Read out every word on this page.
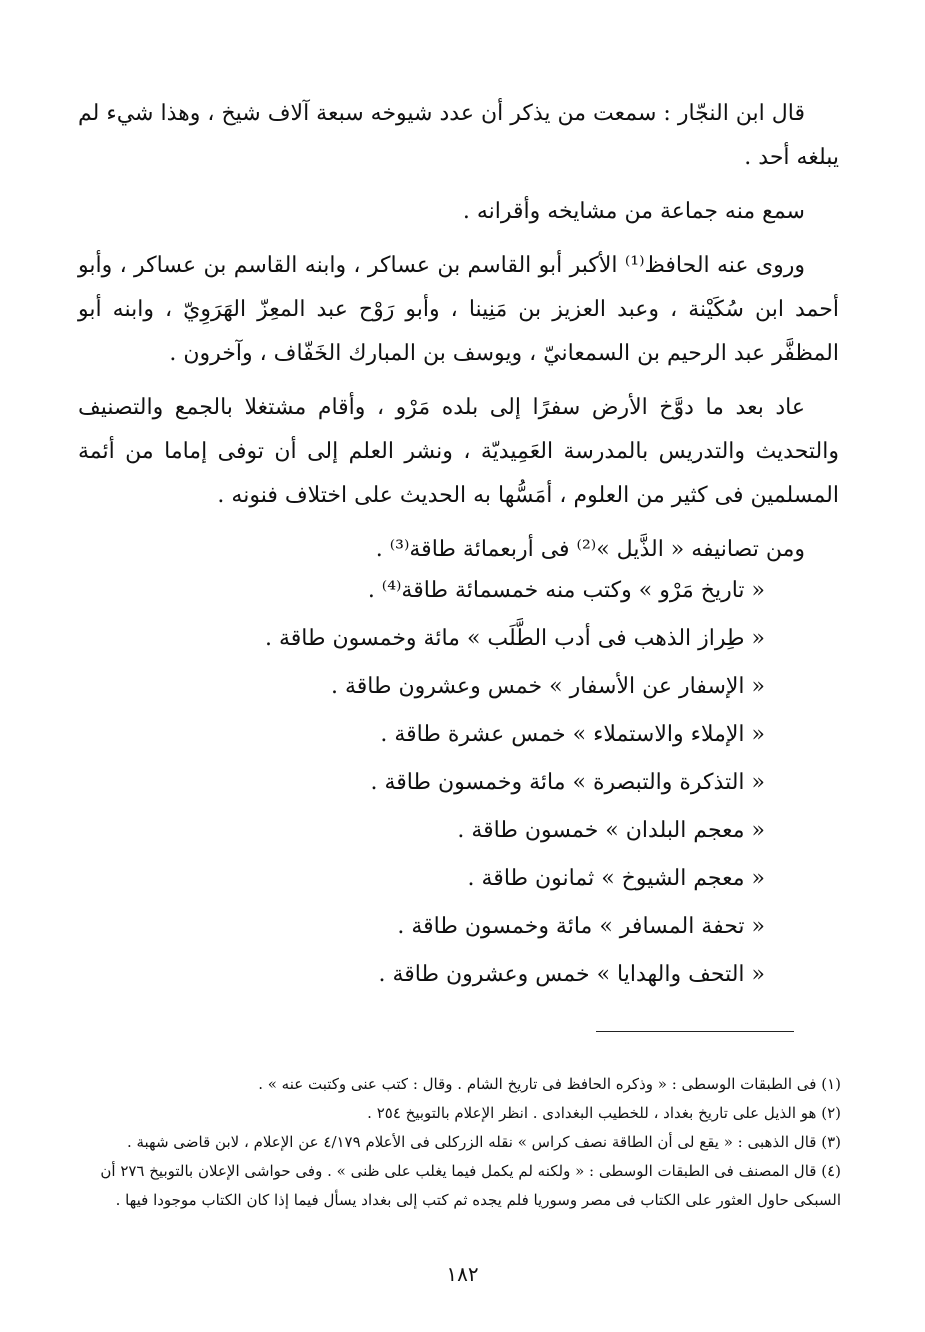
قال ابن النجّار : سمعت من يذكر أن عدد شيوخه سبعة آلاف شيخ ، وهذا شيء لم يبلغه أحد .

سمع منه جماعة من مشايخه وأقرانه .

وروى عنه الحافظ⁽¹⁾ الأكبر أبو القاسم بن عساكر ، وابنه القاسم بن عساكر ، وأبو أحمد ابن سُكَيْنة ، وعبد العزيز بن مَنِينا ، وأبو رَوْح عبد المعِزّ الهَرَوِيّ ، وابنه أبو المظفَّر عبد الرحيم بن السمعانيّ ، ويوسف بن المبارك الخَفّاف ، وآخرون .

عاد بعد ما دوَّخ الأرض سفرًا إلى بلده مَرْو ، وأقام مشتغلا بالجمع والتصنيف والتحديث والتدريس بالمدرسة العَمِيديّة ، ونشر العلم إلى أن توفى إماما من أئمة المسلمين فى كثير من العلوم ، أمَسُّها به الحديث على اختلاف فنونه .

ومن تصانيفه « الذَّيل »⁽²⁾ فى أربعمائة طاقة⁽³⁾ .

« تاريخ مَرْو » وكتب منه خمسمائة طاقة⁽⁴⁾ .
« طِراز الذهب فى أدب الطَّلَب » مائة وخمسون طاقة .
« الإسفار عن الأسفار » خمس وعشرون طاقة .
« الإملاء والاستملاء » خمس عشرة طاقة .
« التذكرة والتبصرة » مائة وخمسون طاقة .
« معجم البلدان » خمسون طاقة .
« معجم الشيوخ » ثمانون طاقة .
« تحفة المسافر » مائة وخمسون طاقة .
« التحف والهدايا » خمس وعشرون طاقة .

(١) فى الطبقات الوسطى : « وذكره الحافظ فى تاريخ الشام . وقال : كتب عنى وكتبت عنه » .

(٢) هو الذيل على تاريخ بغداد ، للخطيب البغدادى . انظر الإعلام بالتوبيخ ٢٥٤ .

(٣) قال الذهبى : « يقع لى أن الطاقة نصف كراس » نقله الزركلى فى الأعلام ٤/١٧٩ عن الإعلام ، لابن قاضى شهبة .

(٤) قال المصنف فى الطبقات الوسطى : « ولكنه لم يكمل فيما يغلب على ظنى » . وفى حواشى الإعلان بالتوبيخ ٢٧٦ أن السبكى حاول العثور على الكتاب فى مصر وسوريا فلم يجده ثم كتب إلى بغداد يسأل فيما إذا كان الكتاب موجودا فيها .

١٨٢
